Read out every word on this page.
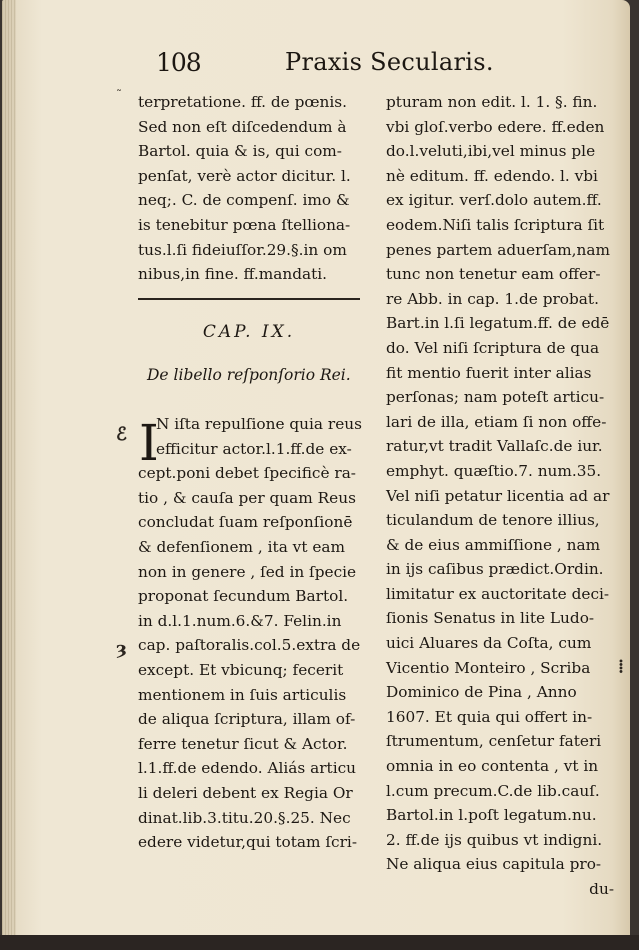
108	Praxis Secularis.
˜ terpretatione. ff. de pœnis.
Sed non eſt diſcedendum à
Bartol. quia & is, qui com-
penſat, verè actor dicitur. l.
neq;. C. de compenſ. imo &
is tenebitur pœna ſtelliona-
tus.l.ſi fideiuſſor.29.§.in om
nibus,in fine. ff.mandati.
CAP. IX.
De libello reſponſorio Rei.
ℰ
ȝ
⁞
I
N iſta repulſione quia reus
efficitur actor.l.1.ff.de ex-
cept.poni debet ſpecificè ra-
tio , & cauſa per quam Reus
concludat ſuam reſponſionē
& defenſionem , ita vt eam
non in genere , ſed in ſpecie
proponat ſecundum Bartol.
in d.l.1.num.6.&7. Felin.in
cap. paſtoralis.col.5.extra de
except. Et vbicunq; fecerit
mentionem in ſuis articulis
de aliqua ſcriptura, illam of-
ferre tenetur ſicut & Actor.
l.1.ff.de edendo. Aliás articu
li deleri debent ex Regia Or
dinat.lib.3.titu.20.§.25. Nec
edere videtur,qui totam ſcri-
pturam non edit. l. 1. §. fin.
vbi gloſ.verbo edere. ff.eden
do.l.veluti,ibi,vel minus ple
nè editum. ff. edendo. l. vbi
ex igitur. verſ.dolo autem.ff.
eodem.Niſi talis ſcriptura ſit
penes partem aduerſam,nam
tunc non tenetur eam offer-
re Abb. in cap. 1.de probat.
Bart.in l.ſi legatum.ff. de edē
do. Vel niſi ſcriptura de qua
fit mentio fuerit inter alias
perſonas; nam poteſt articu-
lari de illa, etiam ſi non offe-
ratur,vt tradit Vallaſc.de iur.
emphyt. quæſtio.7. num.35.
Vel niſi petatur licentia ad ar
ticulandum de tenore illius,
& de eius ammiſſione , nam
in ijs caſibus prædict.Ordin.
limitatur ex auctoritate deci-
ſionis Senatus in lite Ludo-
uici Aluares da Coſta, cum
Vicentio Monteiro , Scriba
Dominico de Pina , Anno
1607. Et quia qui offert in-
ſtrumentum, cenſetur fateri
omnia in eo contenta , vt in
l.cum precum.C.de lib.cauſ.
Bartol.in l.poſt legatum.nu.
2. ff.de ijs quibus vt indigni.
Ne aliqua eius capitula pro-
du-
